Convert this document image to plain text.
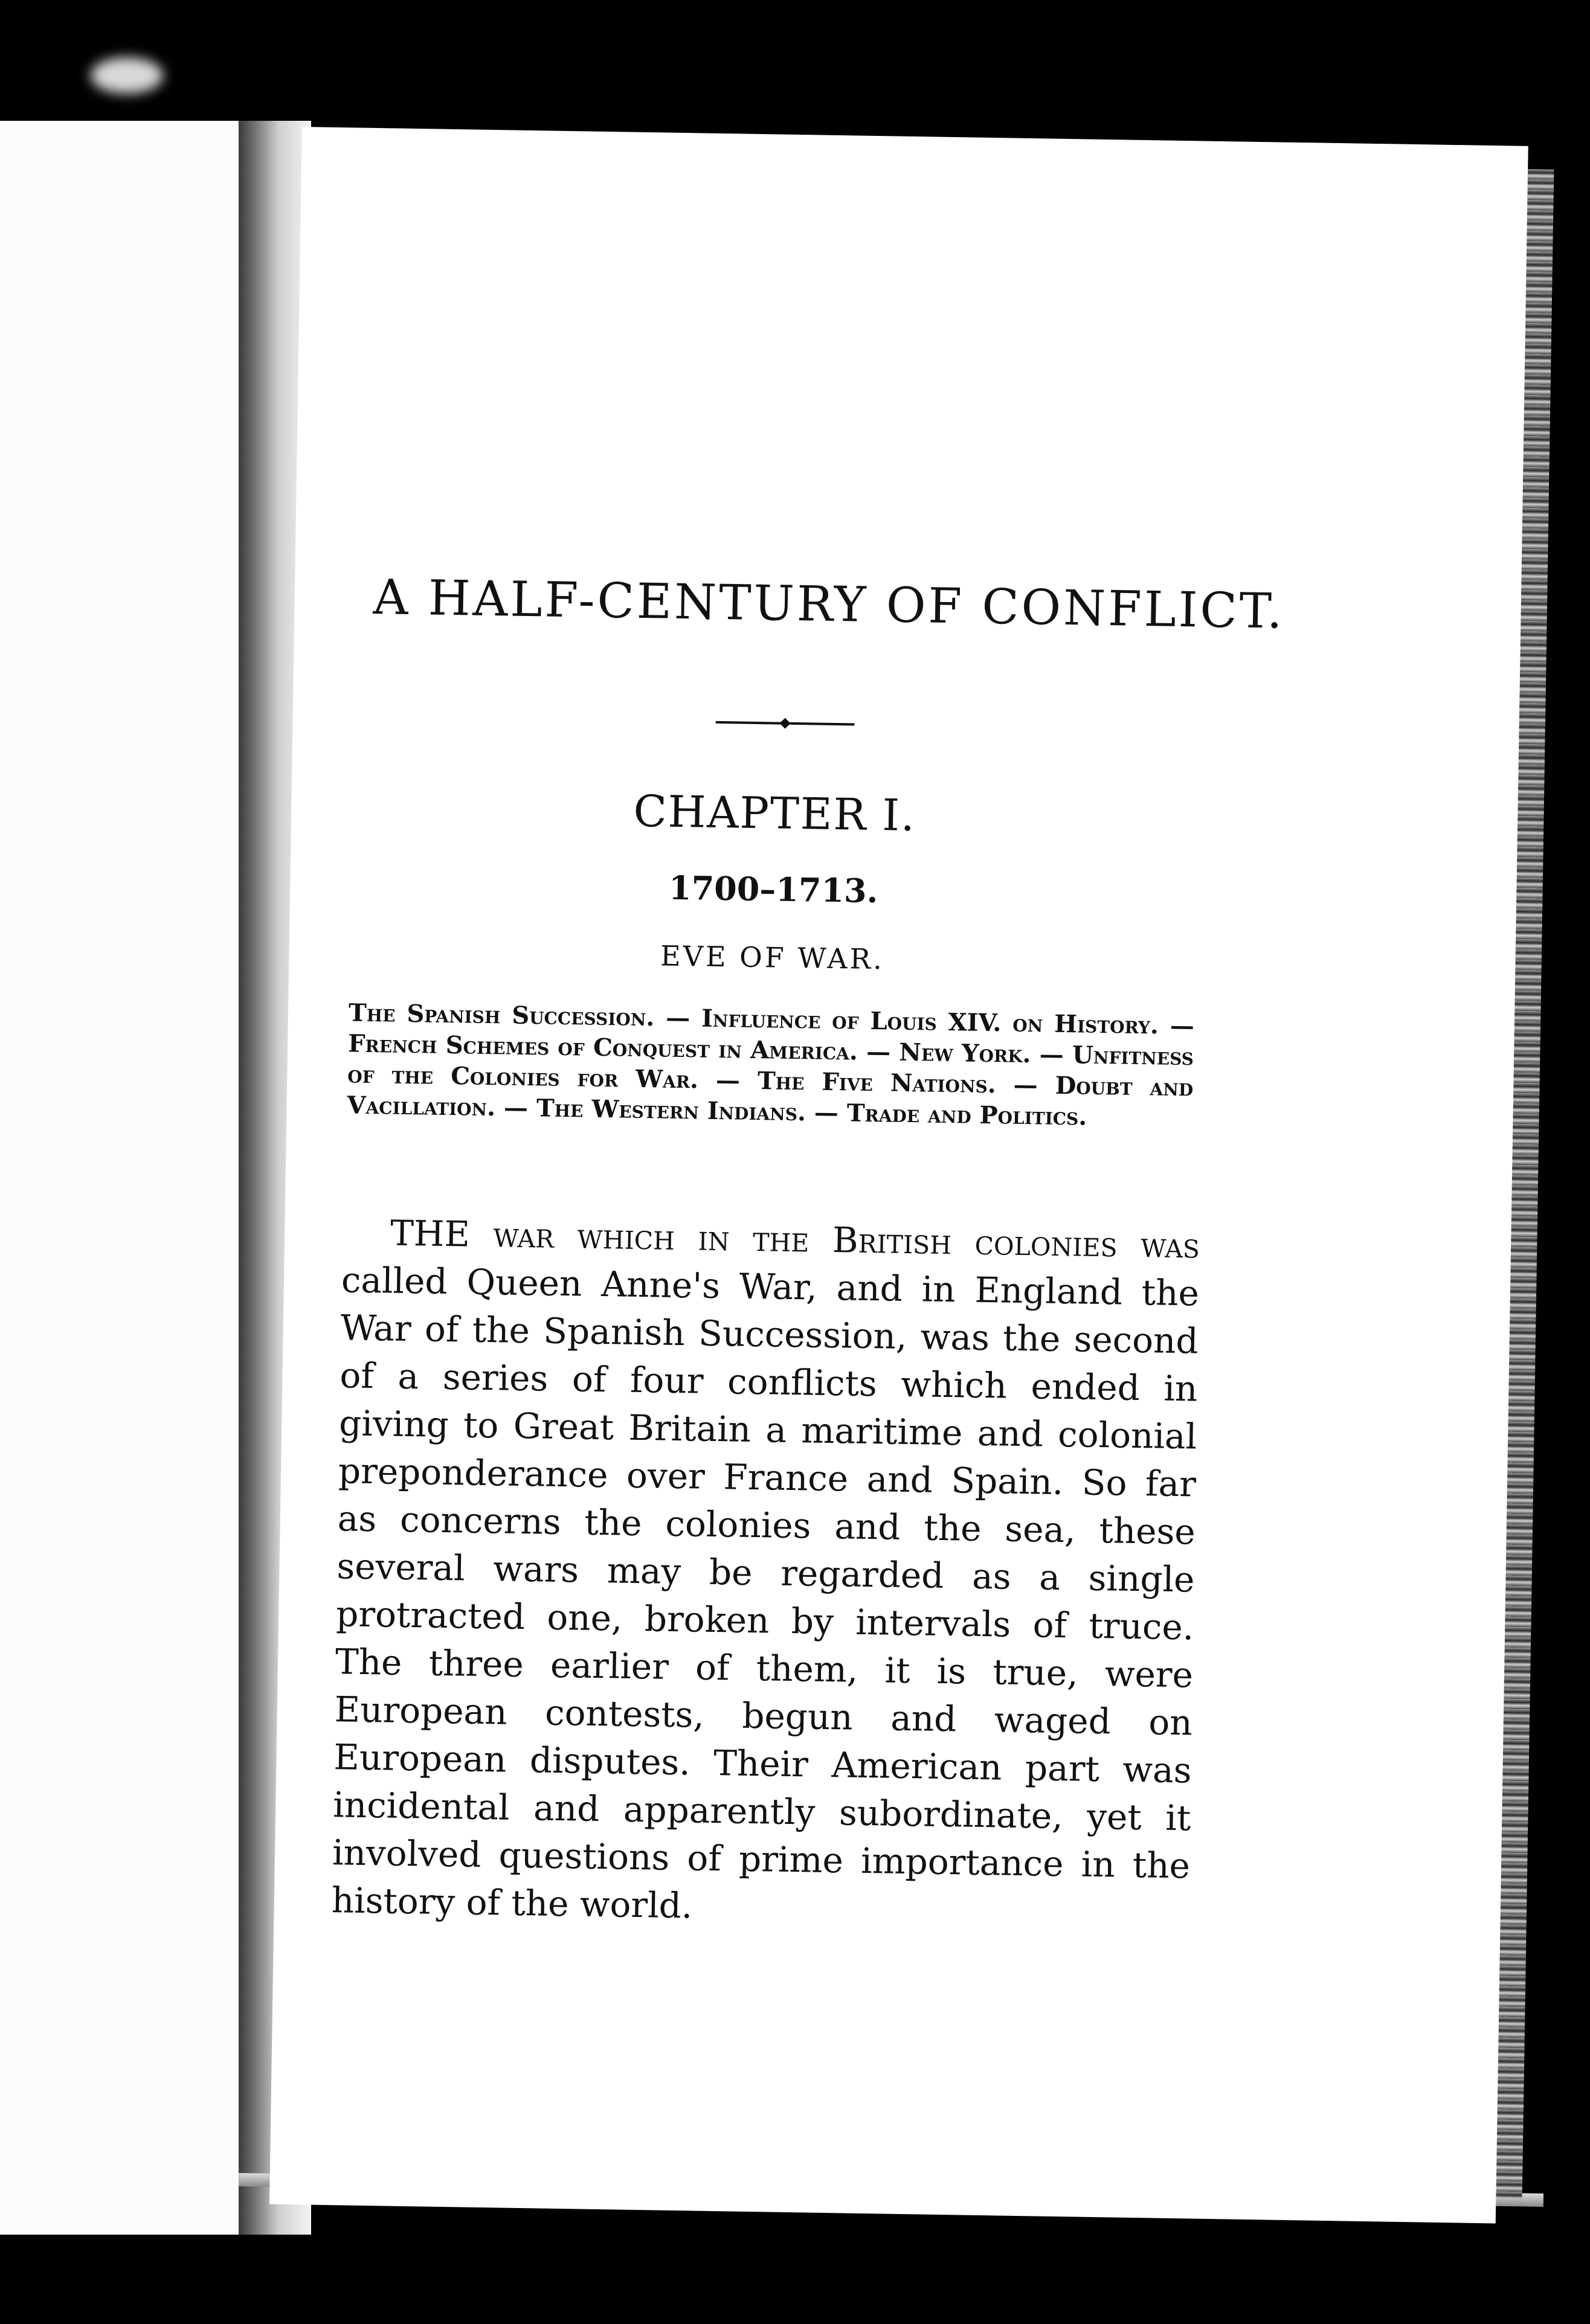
A HALF-CENTURY OF CONFLICT.
CHAPTER I.
1700–1713.
EVE OF WAR.
The Spanish Succession. — Influence of Louis XIV. on History. — French Schemes of Conquest in America. — New York. — Unfitness of the Colonies for War. — The Five Nations. — Doubt and Vacillation. — The Western Indians. — Trade and Politics.

THE war which in the British colonies was called Queen Anne's War, and in England the War of the Spanish Succession, was the second of a series of four conflicts which ended in giving to Great Britain a maritime and colonial preponderance over France and Spain. So far as concerns the colonies and the sea, these several wars may be regarded as a single protracted one, broken by intervals of truce. The three earlier of them, it is true, were European contests, begun and waged on European disputes. Their American part was incidental and apparently subordinate, yet it involved questions of prime importance in the history of the world.
